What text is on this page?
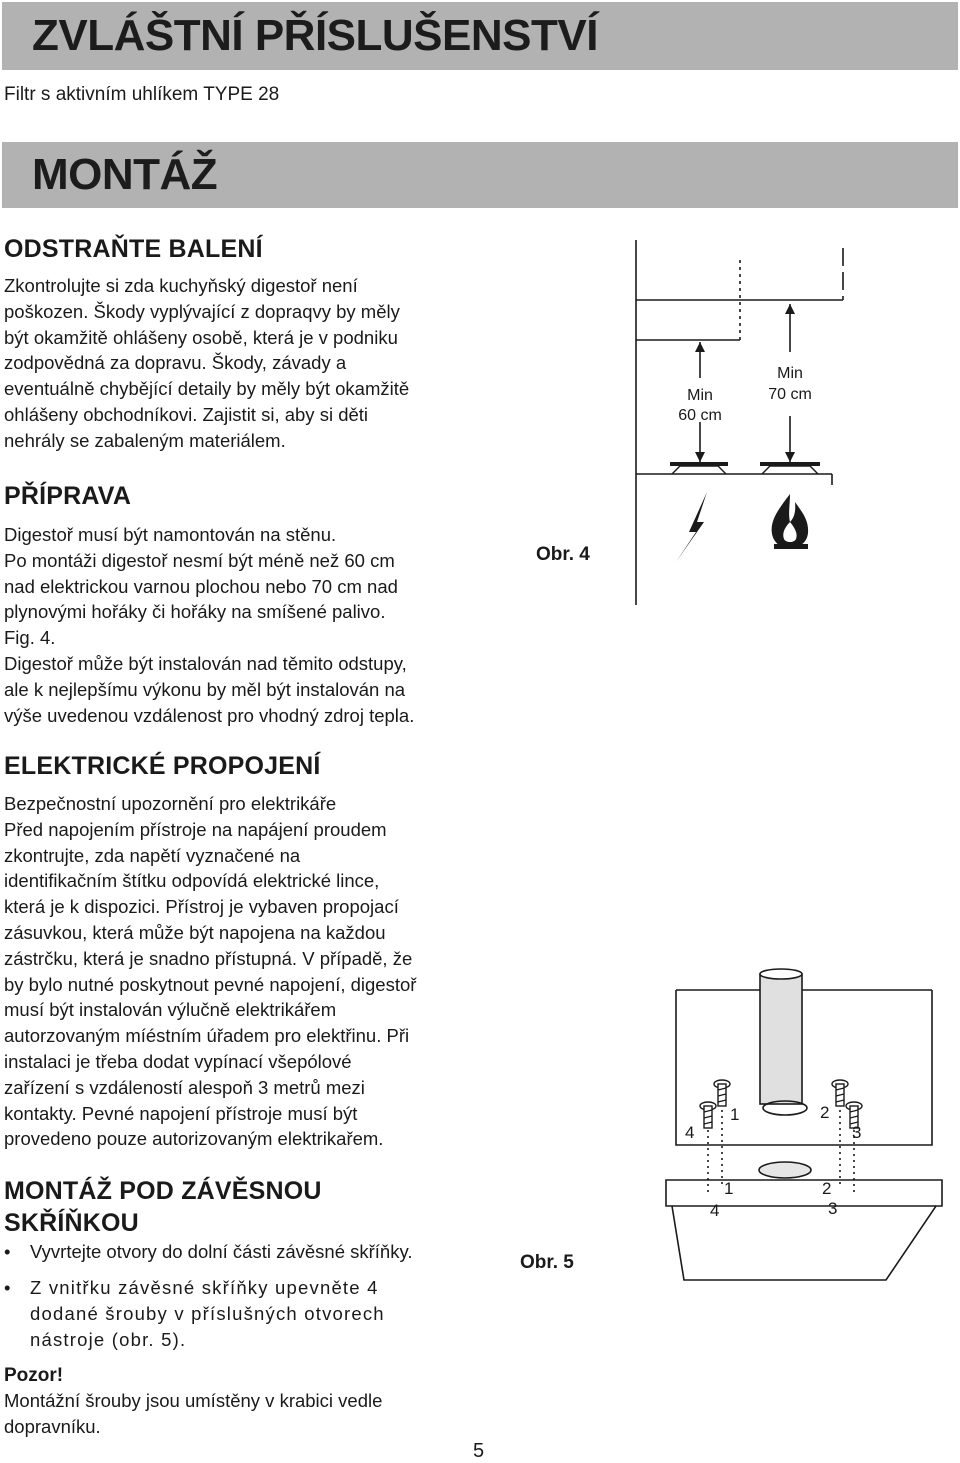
ZVLÁŠTNÍ PŘÍSLUŠENSTVÍ
Filtr s aktivním uhlíkem TYPE 28
MONTÁŽ
ODSTRAŇTE BALENÍ
Zkontrolujte si zda kuchyňský digestoř není
poškozen. Škody vyplývající z dopraqvy by měly
být okamžitě ohlášeny osobě, která je v podniku
zodpovědná za dopravu. Škody, závady a
eventuálně chybějící detaily by měly být okamžitě
ohlášeny obchodníkovi. Zajistit si, aby si děti
nehrály se zabaleným materiálem.
PŘÍPRAVA
Digestoř musí být namontován na stěnu.
Po montáži digestoř nesmí být méně než 60 cm
nad elektrickou varnou plochou nebo 70 cm nad
plynovými hořáky či hořáky na smíšené palivo.
Fig. 4.
Digestoř může být instalován nad těmito odstupy,
ale k nejlepšímu výkonu by měl být instalován na
výše uvedenou vzdálenost pro vhodný zdroj tepla.
ELEKTRICKÉ PROPOJENÍ
Bezpečnostní upozornění pro elektrikáře
Před napojením přístroje na napájení proudem
zkontrujte, zda napětí vyznačené na
identifikačním štítku odpovídá elektrické lince,
která je k dispozici. Přístroj je vybaven propojací
zásuvkou, která může být napojena na každou
zástrčku, která je snadno přístupná. V případě, že
by bylo nutné poskytnout pevné napojení, digestoř
musí být instalován výlučně elektrikářem
autorzovaným míéstním úřadem pro elektřinu. Při
instalaci je třeba dodat vypínací všepólové
zařízení s vzdáleností alespoň 3 metrů mezi
kontakty. Pevné napojení přístroje musí být
provedeno pouze autorizovaným elektrikařem.
MONTÁŽ POD ZÁVĚSNOU
SKŘÍŇKOU
• Vyvrtejte otvory do dolní části závěsné skříňky.
• Z vnitřku závěsné skříňky upevněte 4
dodané šrouby v příslušných otvorech
nástroje (obr. 5).
Pozor!
Montážní šrouby jsou umístěny v krabici vedle
dopravníku.
Obr. 4
Min
60 cm
Min
70 cm
Obr. 5
1	2
3
4
1	2
3
4
5
